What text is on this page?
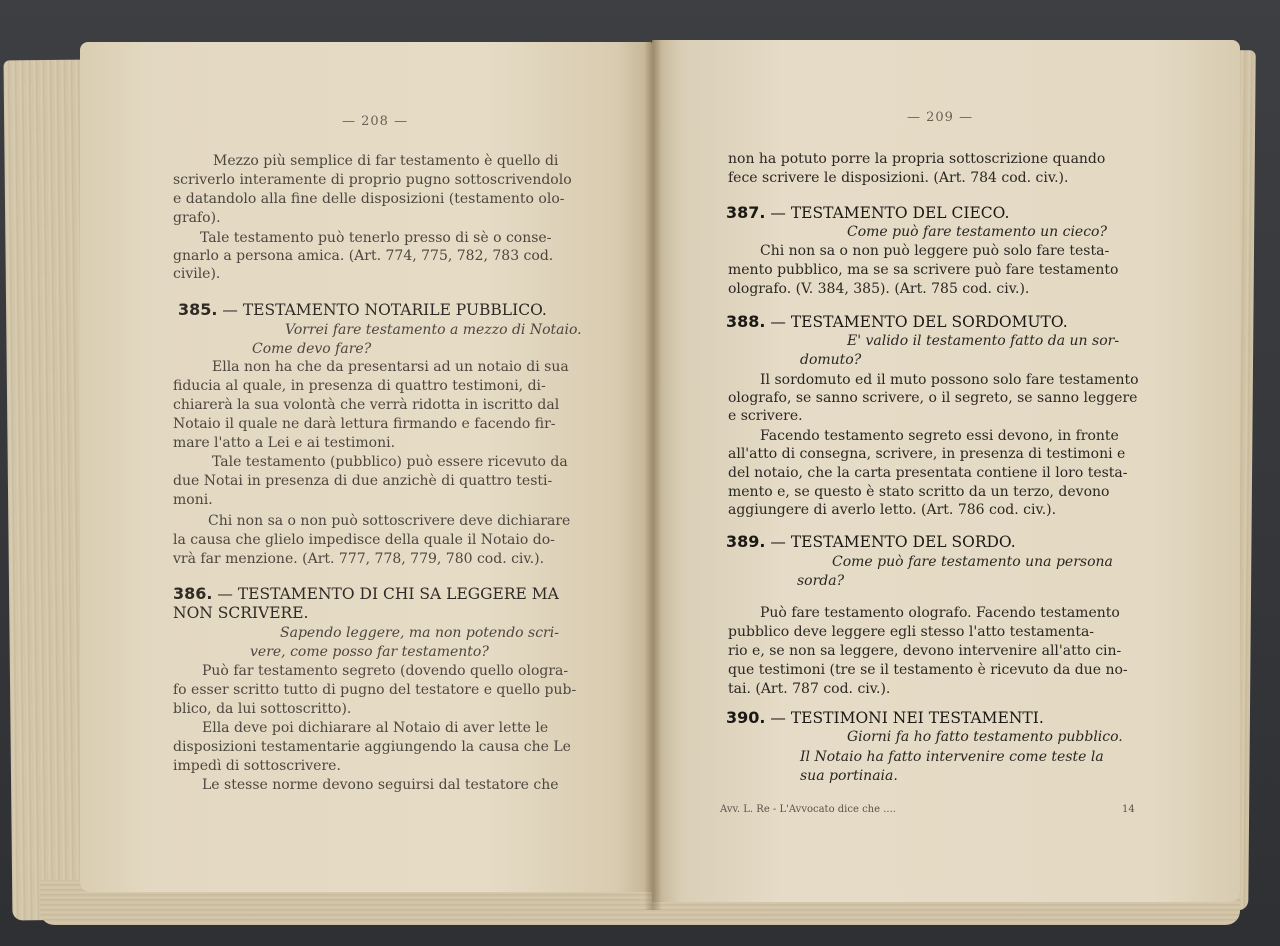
— 208 —
Mezzo più semplice di far testamento è quello di
scriverlo interamente di proprio pugno sottoscrivendolo
e datandolo alla fine delle disposizioni (testamento olo-
grafo).
Tale testamento può tenerlo presso di sè o conse-
gnarlo a persona amica. (Art. 774, 775, 782, 783 cod.
civile).
385. — TESTAMENTO NOTARILE PUBBLICO.
Vorrei fare testamento a mezzo di Notaio.
Come devo fare?
Ella non ha che da presentarsi ad un notaio di sua
fiducia al quale, in presenza di quattro testimoni, di-
chiarerà la sua volontà che verrà ridotta in iscritto dal
Notaio il quale ne darà lettura firmando e facendo fir-
mare l'atto a Lei e ai testimoni.
Tale testamento (pubblico) può essere ricevuto da
due Notai in presenza di due anzichè di quattro testi-
moni.
Chi non sa o non può sottoscrivere deve dichiarare
la causa che glielo impedisce della quale il Notaio do-
vrà far menzione. (Art. 777, 778, 779, 780 cod. civ.).
386. — TESTAMENTO DI CHI SA LEGGERE MA
NON SCRIVERE.
Sapendo leggere, ma non potendo scri-
vere, come posso far testamento?
Può far testamento segreto (dovendo quello ologra-
fo esser scritto tutto di pugno del testatore e quello pub-
blico, da lui sottoscritto).
Ella deve poi dichiarare al Notaio di aver lette le
disposizioni testamentarie aggiungendo la causa che Le
impedì di sottoscrivere.
Le stesse norme devono seguirsi dal testatore che
— 209 —
non ha potuto porre la propria sottoscrizione quando
fece scrivere le disposizioni. (Art. 784 cod. civ.).
387. — TESTAMENTO DEL CIECO.
Come può fare testamento un cieco?
Chi non sa o non può leggere può solo fare testa-
mento pubblico, ma se sa scrivere può fare testamento
olografo. (V. 384, 385). (Art. 785 cod. civ.).
388. — TESTAMENTO DEL SORDOMUTO.
E' valido il testamento fatto da un sor-
domuto?
Il sordomuto ed il muto possono solo fare testamento
olografo, se sanno scrivere, o il segreto, se sanno leggere
e scrivere.
Facendo testamento segreto essi devono, in fronte
all'atto di consegna, scrivere, in presenza di testimoni e
del notaio, che la carta presentata contiene il loro testa-
mento e, se questo è stato scritto da un terzo, devono
aggiungere di averlo letto. (Art. 786 cod. civ.).
389. — TESTAMENTO DEL SORDO.
Come può fare testamento una persona
sorda?
Può fare testamento olografo. Facendo testamento
pubblico deve leggere egli stesso l'atto testamenta-
rio e, se non sa leggere, devono intervenire all'atto cin-
que testimoni (tre se il testamento è ricevuto da due no-
tai. (Art. 787 cod. civ.).
390. — TESTIMONI NEI TESTAMENTI.
Giorni fa ho fatto testamento pubblico.
Il Notaio ha fatto intervenire come teste la
sua portinaia.
Avv. L. Re - L'Avvocato dice che ....	14
